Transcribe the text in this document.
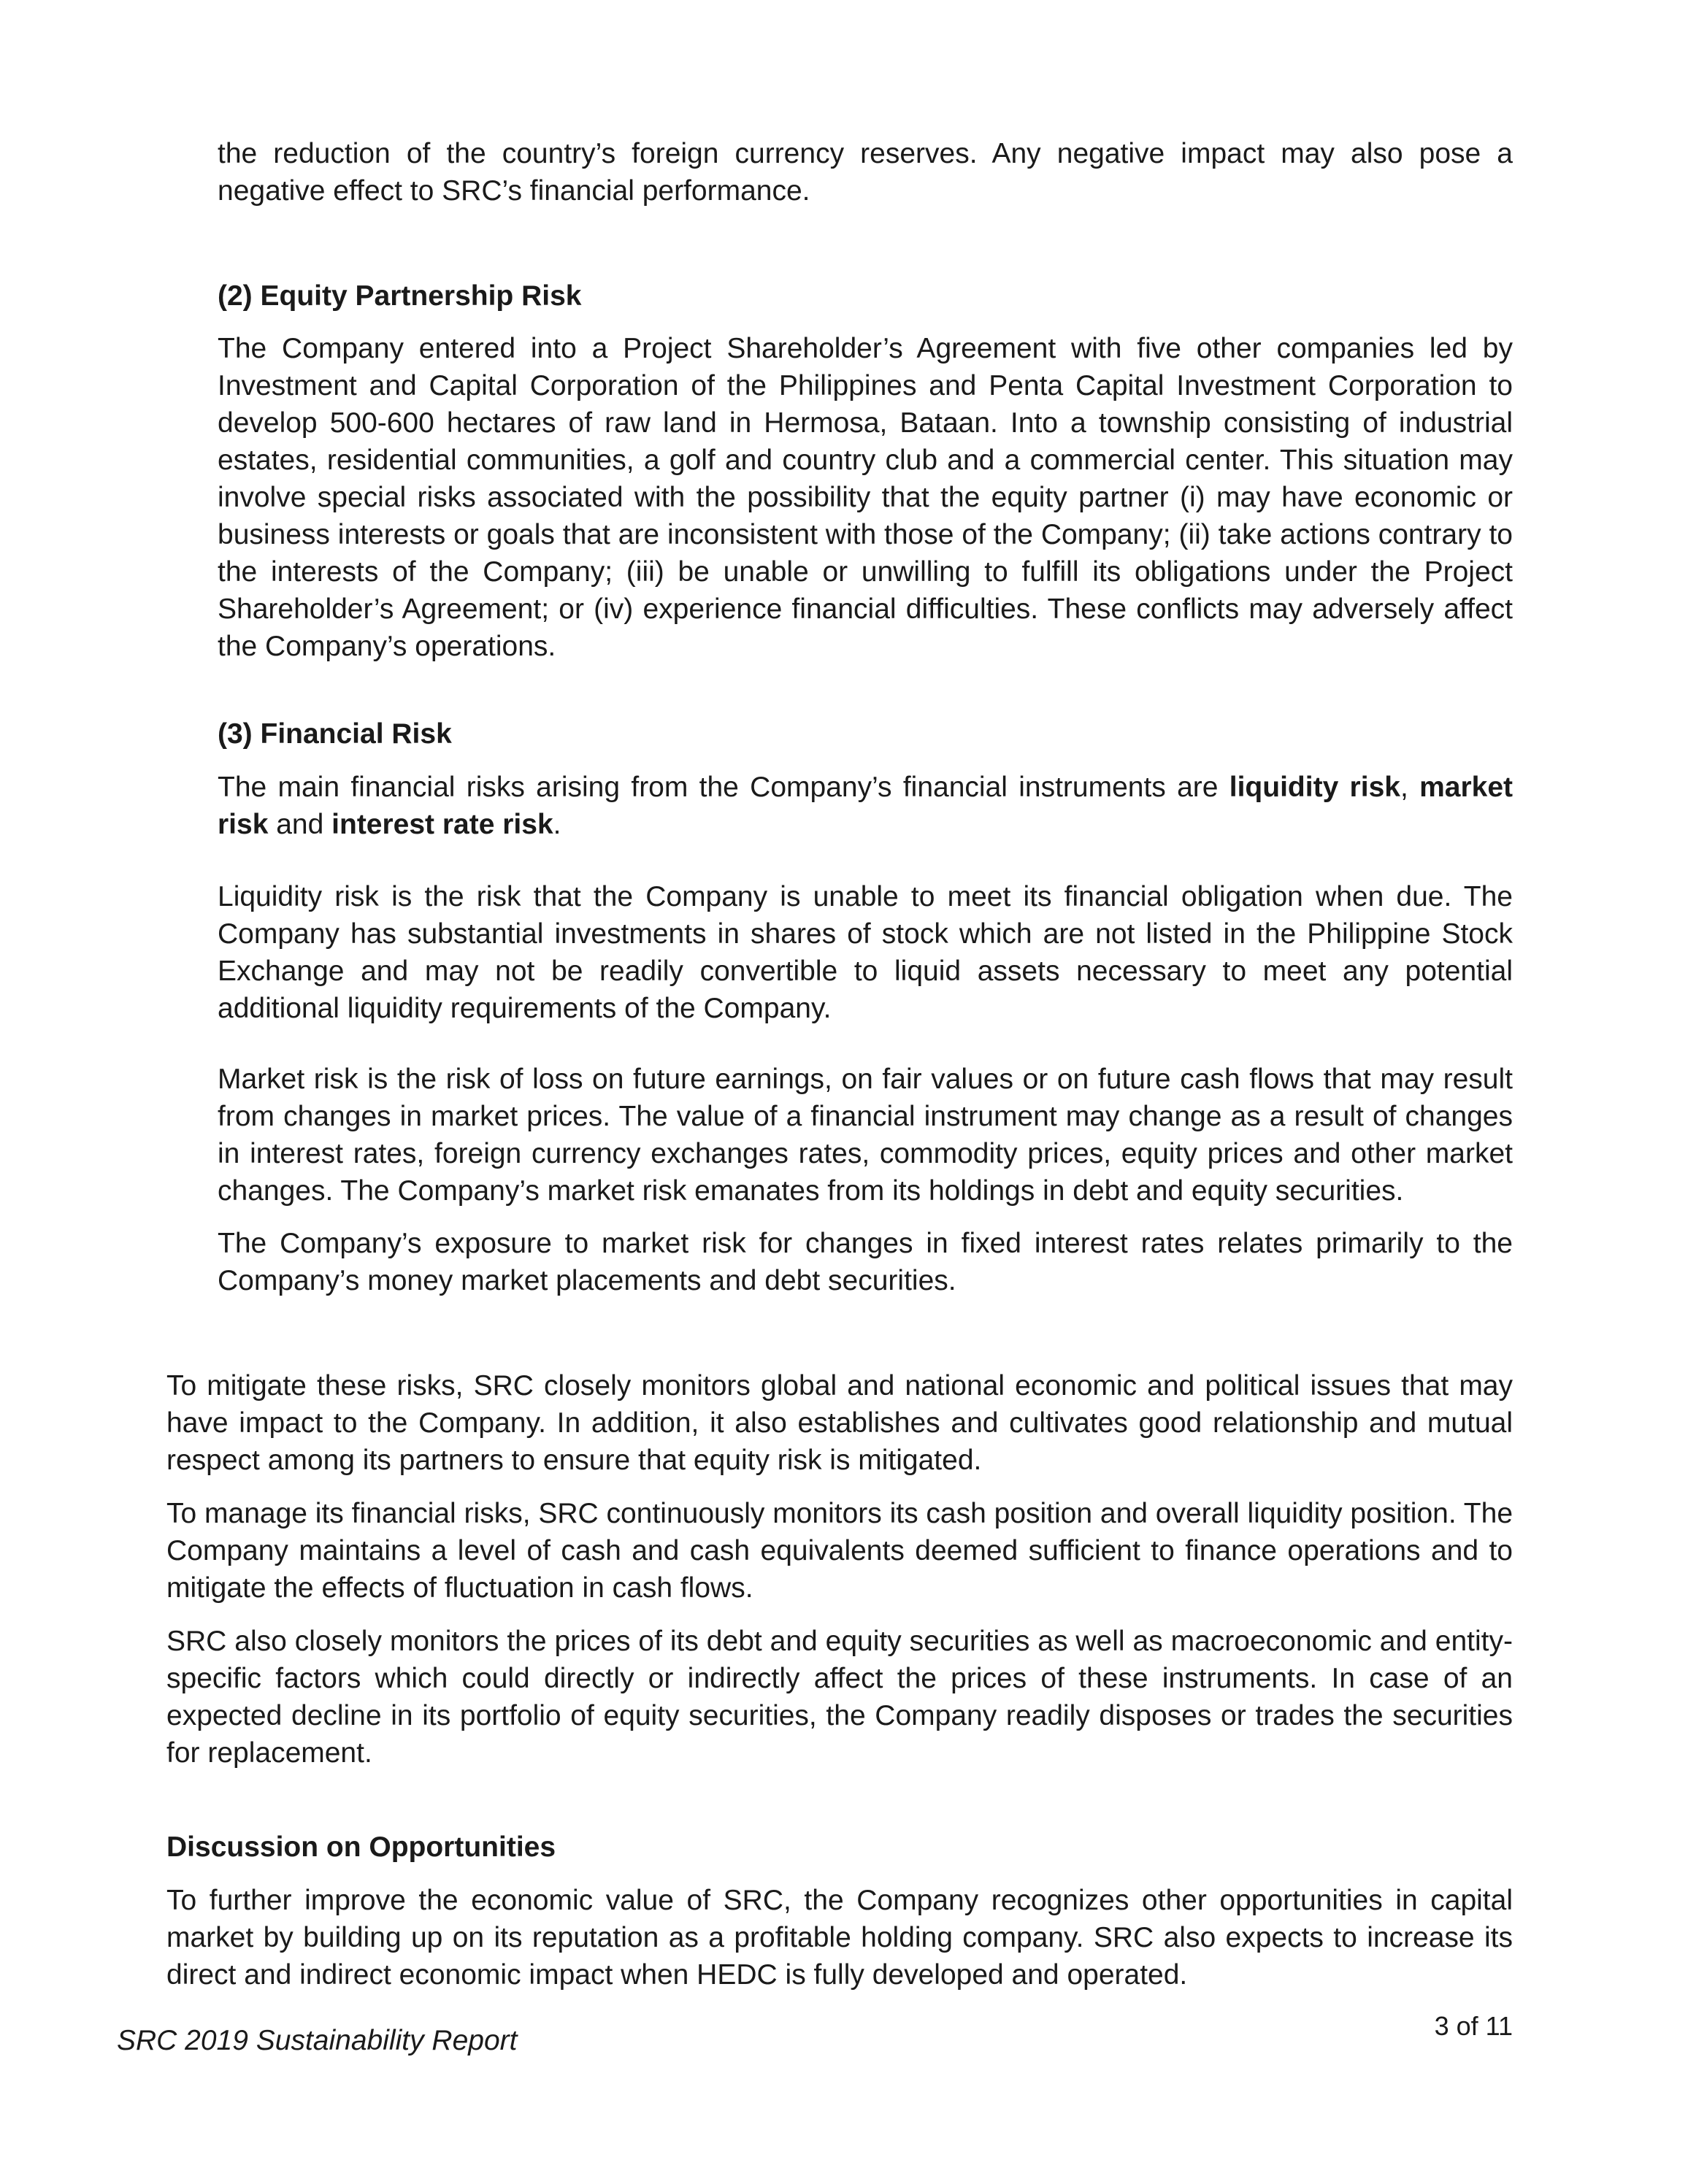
the reduction of the country’s foreign currency reserves. Any negative impact may also pose a negative effect to SRC’s financial performance.

(2) Equity Partnership Risk

The Company entered into a Project Shareholder’s Agreement with five other companies led by Investment and Capital Corporation of the Philippines and Penta Capital Investment Corporation to develop 500-600 hectares of raw land in Hermosa, Bataan. Into a township consisting of industrial estates, residential communities, a golf and country club and a commercial center. This situation may involve special risks associated with the possibility that the equity partner (i) may have economic or business interests or goals that are inconsistent with those of the Company; (ii) take actions contrary to the interests of the Company; (iii) be unable or unwilling to fulfill its obligations under the Project Shareholder’s Agreement; or (iv) experience financial difficulties. These conflicts may adversely affect the Company’s operations.

(3) Financial Risk

The main financial risks arising from the Company’s financial instruments are liquidity risk, market risk and interest rate risk.

Liquidity risk is the risk that the Company is unable to meet its financial obligation when due. The Company has substantial investments in shares of stock which are not listed in the Philippine Stock Exchange and may not be readily convertible to liquid assets necessary to meet any potential additional liquidity requirements of the Company.

Market risk is the risk of loss on future earnings, on fair values or on future cash flows that may result from changes in market prices. The value of a financial instrument may change as a result of changes in interest rates, foreign currency exchanges rates, commodity prices, equity prices and other market changes. The Company’s market risk emanates from its holdings in debt and equity securities.

The Company’s exposure to market risk for changes in fixed interest rates relates primarily to the Company’s money market placements and debt securities.

To mitigate these risks, SRC closely monitors global and national economic and political issues that may have impact to the Company. In addition, it also establishes and cultivates good relationship and mutual respect among its partners to ensure that equity risk is mitigated.

To manage its financial risks, SRC continuously monitors its cash position and overall liquidity position. The Company maintains a level of cash and cash equivalents deemed sufficient to finance operations and to mitigate the effects of fluctuation in cash flows.

SRC also closely monitors the prices of its debt and equity securities as well as macroeconomic and entity-specific factors which could directly or indirectly affect the prices of these instruments. In case of an expected decline in its portfolio of equity securities, the Company readily disposes or trades the securities for replacement.

Discussion on Opportunities

To further improve the economic value of SRC, the Company recognizes other opportunities in capital market by building up on its reputation as a profitable holding company. SRC also expects to increase its direct and indirect economic impact when HEDC is fully developed and operated.

SRC 2019 Sustainability Report	3 of 11
